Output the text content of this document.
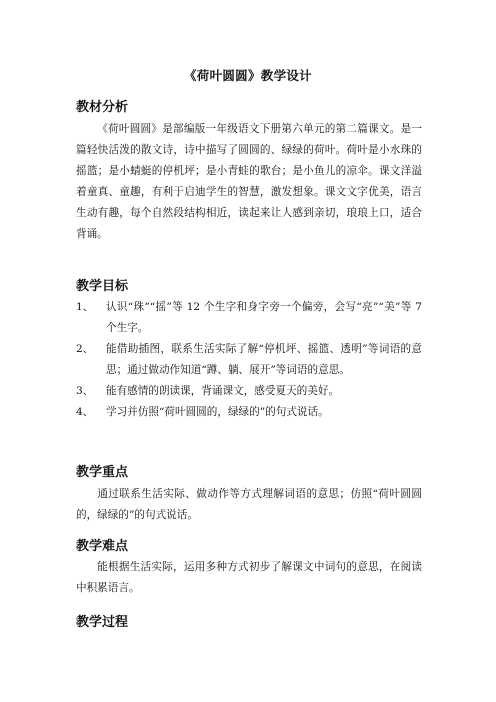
《荷叶圆圆》教学设计
教材分析

《荷叶圆圆》是部编版一年级语文下册第六单元的第二篇课文。是一篇轻快活泼的散文诗，诗中描写了圆圆的、绿绿的荷叶。荷叶是小水珠的摇篮；是小蜻蜓的停机坪；是小青蛙的歌台；是小鱼儿的凉伞。课文洋溢着童真、童趣，有利于启迪学生的智慧，激发想象。课文文字优美，语言生动有趣，每个自然段结构相近，读起来让人感到亲切，琅琅上口，适合背诵。

教学目标
1、 认识“珠”“摇”等 12 个生字和身字旁一个偏旁，会写“亮”“美”等 7 个生字。
2、 能借助插图，联系生活实际了解“停机坪、摇篮、透明”等词语的意思；通过做动作知道“蹲、躺、展开”等词语的意思。
3、 能有感情的朗读课，背诵课文，感受夏天的美好。
4、 学习并仿照“荷叶圆圆的，绿绿的”的句式说话。
教学重点

通过联系生活实际、做动作等方式理解词语的意思；仿照“荷叶圆圆的，绿绿的”的句式说话。

教学难点

能根据生活实际，运用多种方式初步了解课文中词句的意思，在阅读中积累语言。

教学过程
